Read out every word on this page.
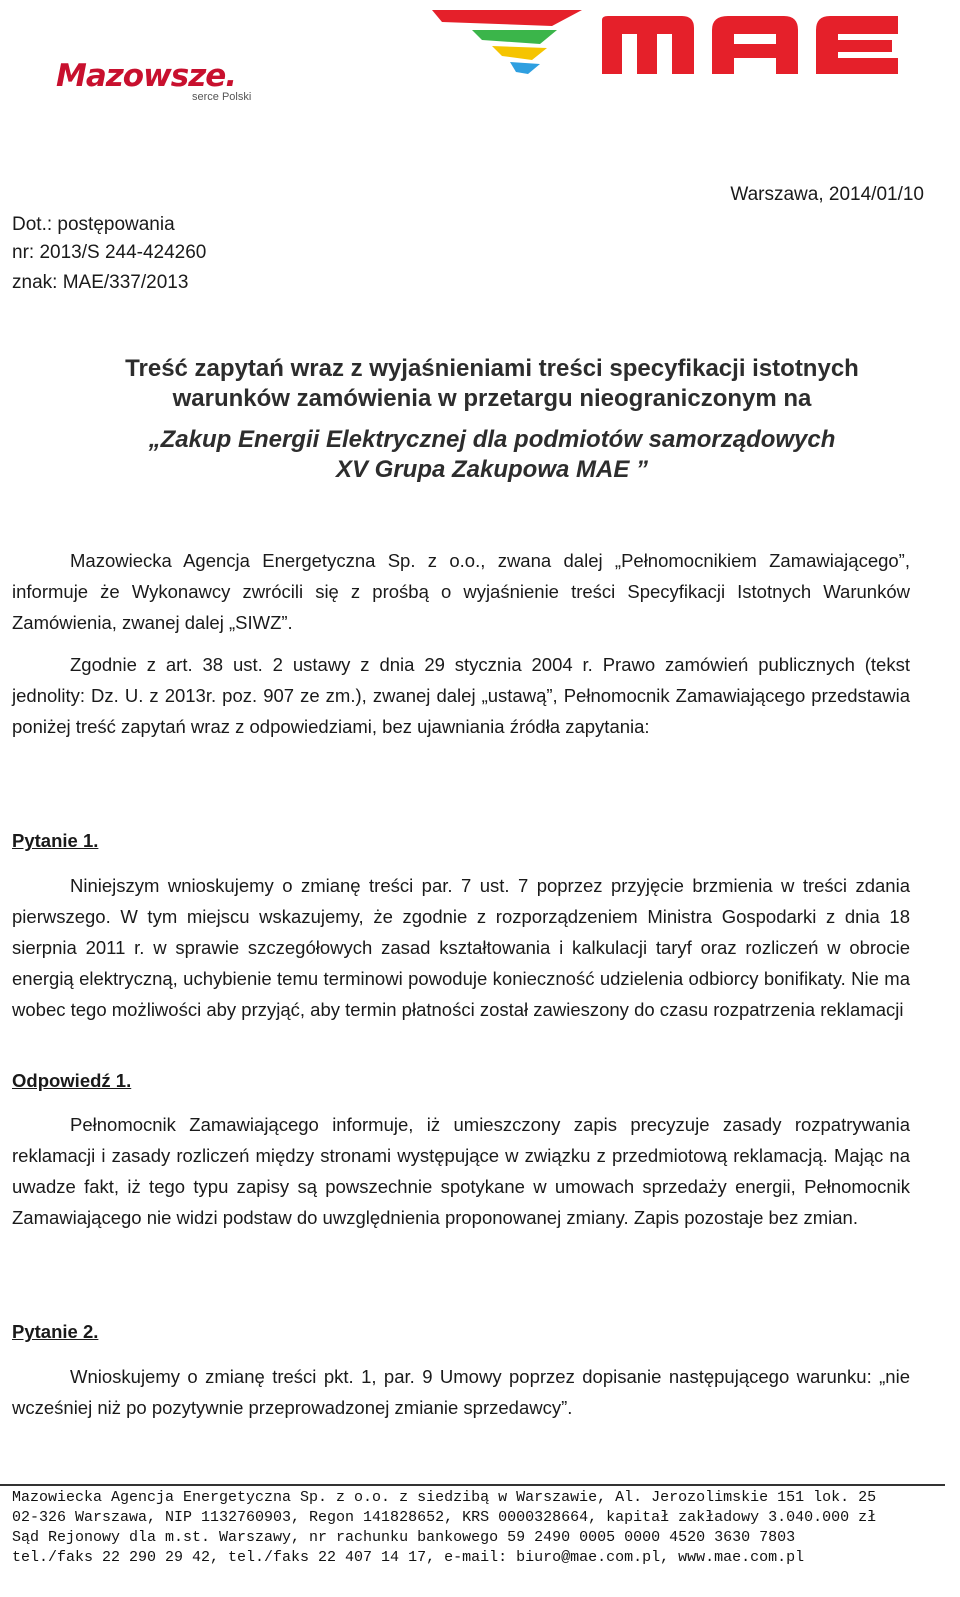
Mazowsze.
serce Polski
Warszawa, 2014/01/10
Dot.: postępowania
nr: 2013/S 244-424260
znak: MAE/337/2013
Treść zapytań wraz z wyjaśnieniami treści specyfikacji istotnych
warunków zamówienia w przetargu nieograniczonym na
„Zakup Energii Elektrycznej dla podmiotów samorządowych
XV Grupa Zakupowa MAE ”
Mazowiecka Agencja Energetyczna Sp. z o.o., zwana dalej „Pełnomocnikiem Zamawiającego”, informuje że Wykonawcy zwrócili się z prośbą o wyjaśnienie treści Specyfikacji Istotnych Warunków Zamówienia, zwanej dalej „SIWZ”.
Zgodnie z art. 38 ust. 2 ustawy z dnia 29 stycznia 2004 r. Prawo zamówień publicznych (tekst jednolity: Dz. U. z 2013r. poz. 907 ze zm.), zwanej dalej „ustawą”, Pełnomocnik Zamawiającego przedstawia poniżej treść zapytań wraz z odpowiedziami, bez ujawniania źródła zapytania:
Pytanie 1.
Niniejszym wnioskujemy o zmianę treści par. 7 ust. 7 poprzez przyjęcie brzmienia w treści zdania pierwszego. W tym miejscu wskazujemy, że zgodnie z rozporządzeniem Ministra Gospodarki z dnia 18 sierpnia 2011 r. w sprawie szczegółowych zasad kształtowania i kalkulacji taryf oraz rozliczeń w obrocie energią elektryczną, uchybienie temu terminowi powoduje konieczność udzielenia odbiorcy bonifikaty. Nie ma wobec tego możliwości aby przyjąć, aby termin płatności został zawieszony do czasu rozpatrzenia reklamacji
Odpowiedź 1.
Pełnomocnik Zamawiającego informuje, iż umieszczony zapis precyzuje zasady rozpatrywania reklamacji i zasady rozliczeń między stronami występujące w związku z przedmiotową reklamacją. Mając na uwadze fakt, iż tego typu zapisy są powszechnie spotykane w umowach sprzedaży energii, Pełnomocnik Zamawiającego nie widzi podstaw do uwzględnienia proponowanej zmiany. Zapis pozostaje bez zmian.
Pytanie 2.
Wnioskujemy o zmianę treści pkt. 1, par. 9 Umowy poprzez dopisanie następującego warunku: „nie wcześniej niż po pozytywnie przeprowadzonej zmianie sprzedawcy”.
Mazowiecka Agencja Energetyczna Sp. z o.o. z siedzibą w Warszawie, Al. Jerozolimskie 151 lok. 25
02-326 Warszawa, NIP 1132760903, Regon 141828652, KRS 0000328664, kapitał zakładowy 3.040.000 zł
Sąd Rejonowy dla m.st. Warszawy, nr rachunku bankowego 59 2490 0005 0000 4520 3630 7803
tel./faks 22 290 29 42, tel./faks 22 407 14 17, e-mail: biuro@mae.com.pl, www.mae.com.pl
